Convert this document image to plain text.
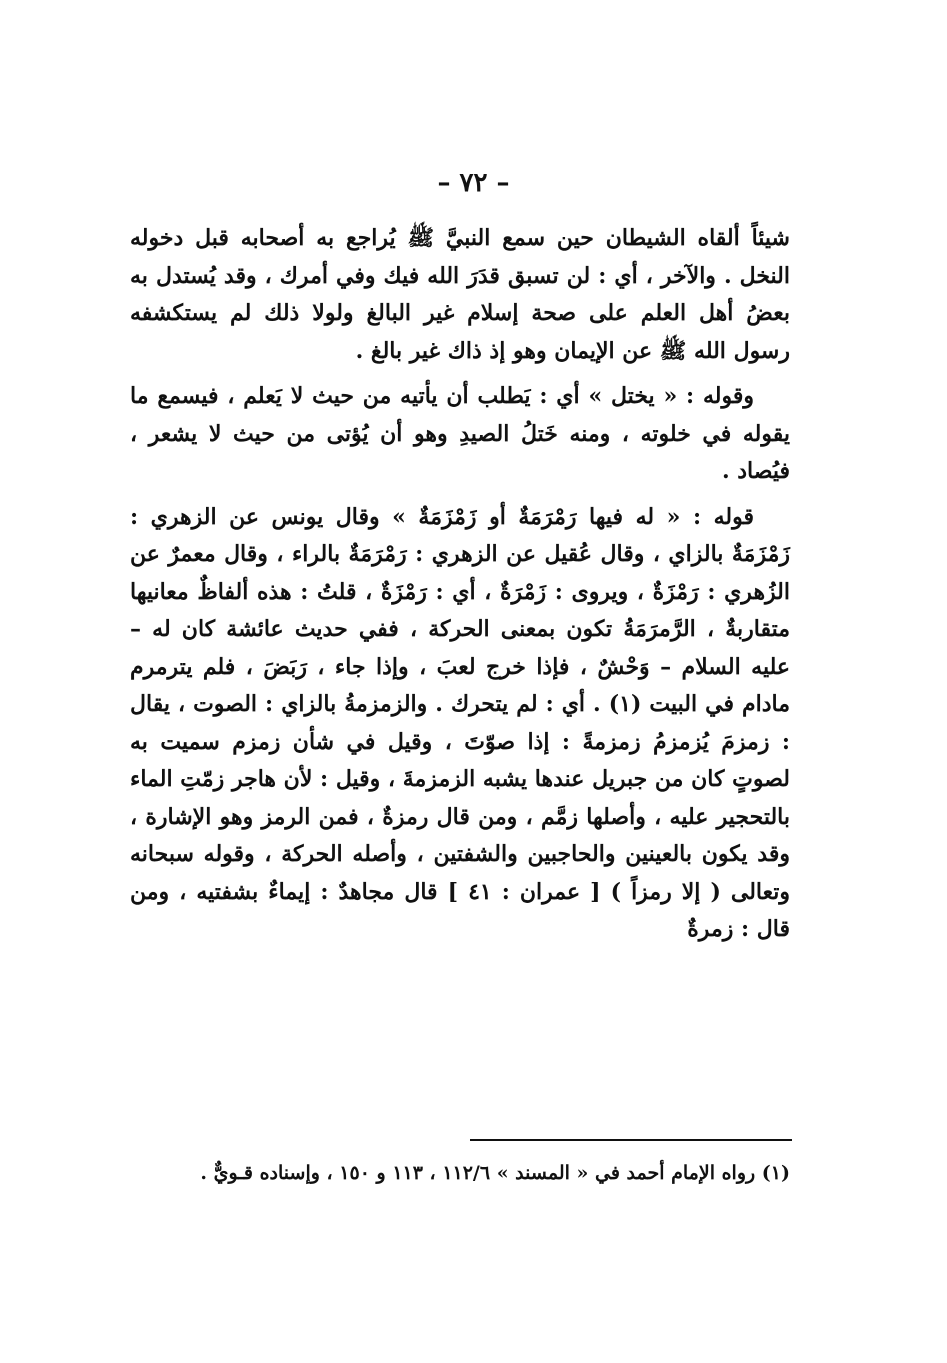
– ٧٢ –

شيئاً ألقاه الشيطان حين سمع النبيَّ ﷺ يُراجع به أصحابه قبل دخوله النخل . والآخر ، أي : لن تسبق قدَرَ الله فيك وفي أمرك ، وقد يُستدل به بعضُ أهل العلم على صحة إسلام غير البالغ ولولا ذلك لم يستكشفه رسول الله ﷺ عن الإيمان وهو إذ ذاك غير بالغ .

وقوله : « يختل » أي : يَطلب أن يأتيه من حيث لا يَعلم ، فيسمع ما يقوله في خلوته ، ومنه خَتلُ الصيدِ وهو أن يُؤتى من حيث لا يشعر ، فيُصاد .

قوله : « له فيها رَمْرَمَةٌ أو زَمْزَمَةٌ » وقال يونس عن الزهري : زَمْزَمَةٌ بالزاي ، وقال عُقيل عن الزهري : رَمْرَمَةٌ بالراء ، وقال معمرٌ عن الزُهري : رَمْزَةٌ ، ويروى : زَمْرَةٌ ، أي : رَمْزَةٌ ، قلتُ : هذه ألفاظٌ معانيها متقاربةٌ ، الرَّمرَمَةُ تكون بمعنى الحركة ، ففي حديث عائشة كان له – عليه السلام – وَحْشٌ ، فإذا خرج لعبَ ، وإذا جاء ، رَبَضَ ، فلم يترمرم مادام في البيت (١) . أي : لم يتحرك . والزمزمةُ بالزاي : الصوت ، يقال : زمزمَ يُزمزمُ زمزمةً : إذا صوّتَ ، وقيل في شأن زمزم سميت به لصوتٍ كان من جبريل عندها يشبه الزمزمةَ ، وقيل : لأن هاجر زمّتِ الماء بالتحجير عليه ، وأصلها زمَّم ، ومن قال رمزةٌ ، فمن الرمز وهو الإشارة ، وقد يكون بالعينين والحاجبين والشفتين ، وأصله الحركة ، وقوله سبحانه وتعالى ( إلا رمزاً ) [ عمران : ٤١ ] قال مجاهدٌ : إيماءٌ بشفتيه ، ومن قال : زمرةٌ

(١) رواه الإمام أحمد في « المسند » ١١٢/٦ ، ١١٣ و ١٥٠ ، وإسناده قـويٌّ .
